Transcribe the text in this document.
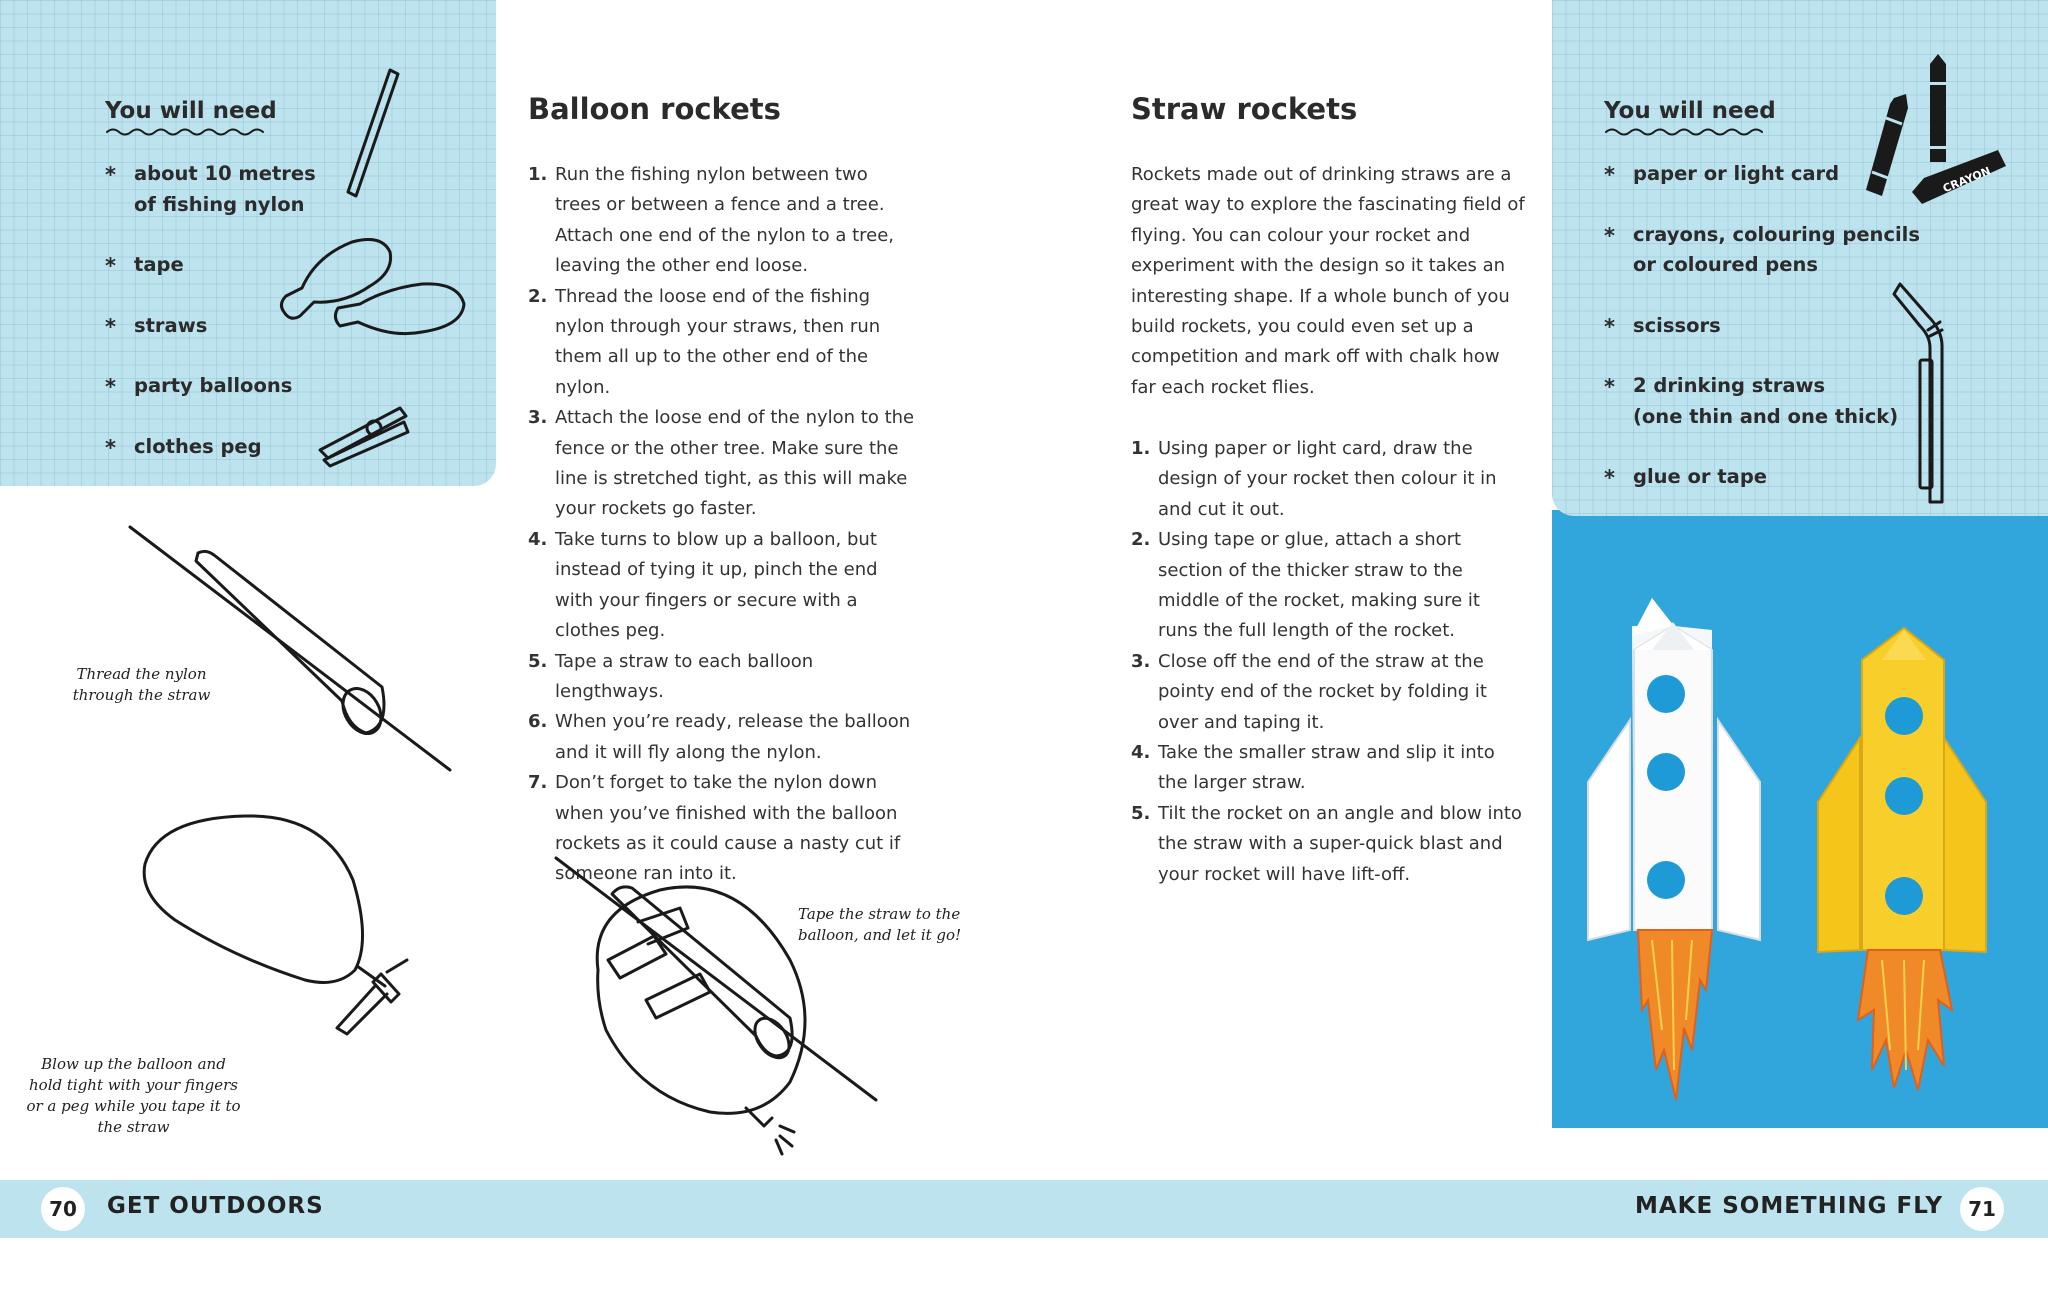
You will need
* about 10 metres
of fishing nylon
* tape
* straws
* party balloons
* clothes peg
Thread the nylon through the straw
Blow up the balloon and hold tight with your fingers or a peg while you tape it to the straw
Balloon rockets
1. Run the fishing nylon between two trees or between a fence and a tree. Attach one end of the nylon to a tree, leaving the other end loose.
2. Thread the loose end of the fishing nylon through your straws, then run them all up to the other end of the nylon.
3. Attach the loose end of the nylon to the fence or the other tree. Make sure the line is stretched tight, as this will make your rockets go faster.
4. Take turns to blow up a balloon, but instead of tying it up, pinch the end with your fingers or secure with a clothes peg.
5. Tape a straw to each balloon lengthways.
6. When you’re ready, release the balloon and it will fly along the nylon.
7. Don’t forget to take the nylon down when you’ve finished with the balloon rockets as it could cause a nasty cut if someone ran into it.
Tape the straw to the balloon, and let it go!
Straw rockets

Rockets made out of drinking straws are a great way to explore the fascinating field of flying. You can colour your rocket and experiment with the design so it takes an interesting shape. If a whole bunch of you build rockets, you could even set up a competition and mark off with chalk how far each rocket flies.

1. Using paper or light card, draw the design of your rocket then colour it in and cut it out.
2. Using tape or glue, attach a short section of the thicker straw to the middle of the rocket, making sure it runs the full length of the rocket.
3. Close off the end of the straw at the pointy end of the rocket by folding it over and taping it.
4. Take the smaller straw and slip it into the larger straw.
5. Tilt the rocket on an angle and blow into the straw with a super-quick blast and your rocket will have lift-off.
You will need
* paper or light card
* crayons, colouring pencils
or coloured pens
* scissors
* 2 drinking straws
(one thin and one thick)
* glue or tape
CRAYON
70	GET OUTDOORS	MAKE SOMETHING FLY	71
